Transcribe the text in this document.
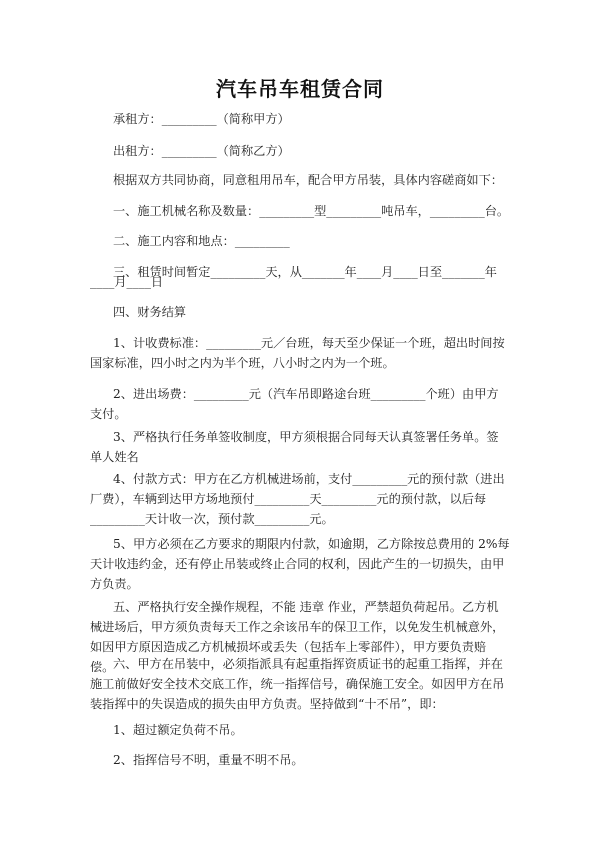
汽车吊车租赁合同
承租方：_________（简称甲方）
出租方：_________（简称乙方）
根据双方共同协商，同意租用吊车，配合甲方吊装，具体内容磋商如下：
一、施工机械名称及数量：_________型_________吨吊车，_________台。
二、施工内容和地点：_________
三、租赁时间暂定_________天，从_______年____月____日至_______年
____月____日
四、财务结算
1、计收费标准：_________元／台班，每天至少保证一个班，超出时间按国家标准，四小时之内为半个班，八小时之内为一个班。
2、进出场费：_________元（汽车吊即路途台班_________个班）由甲方支付。
3、严格执行任务单签收制度，甲方须根据合同每天认真签署任务单。签单人姓名
4、付款方式：甲方在乙方机械进场前，支付_________元的预付款（进出厂费），车辆到达甲方场地预付_________天_________元的预付款，以后每_________天计收一次，预付款_________元。
5、甲方必须在乙方要求的期限内付款，如逾期，乙方除按总费用的 2%每天计收违约金，还有停止吊装或终止合同的权利，因此产生的一切损失，由甲方负责。
五、严格执行安全操作规程，不能 违章 作业，严禁超负荷起吊。乙方机械进场后，甲方须负责每天工作之余该吊车的保卫工作，以免发生机械意外，如因甲方原因造成乙方机械损坏或丢失（包括车上零部件），甲方要负责赔偿。
六、甲方在吊装中，必须指派具有起重指挥资质证书的起重工指挥，并在施工前做好安全技术交底工作，统一指挥信号，确保施工安全。如因甲方在吊装指挥中的失误造成的损失由甲方负责。坚持做到“十不吊”，即：
1、超过额定负荷不吊。
2、指挥信号不明，重量不明不吊。
